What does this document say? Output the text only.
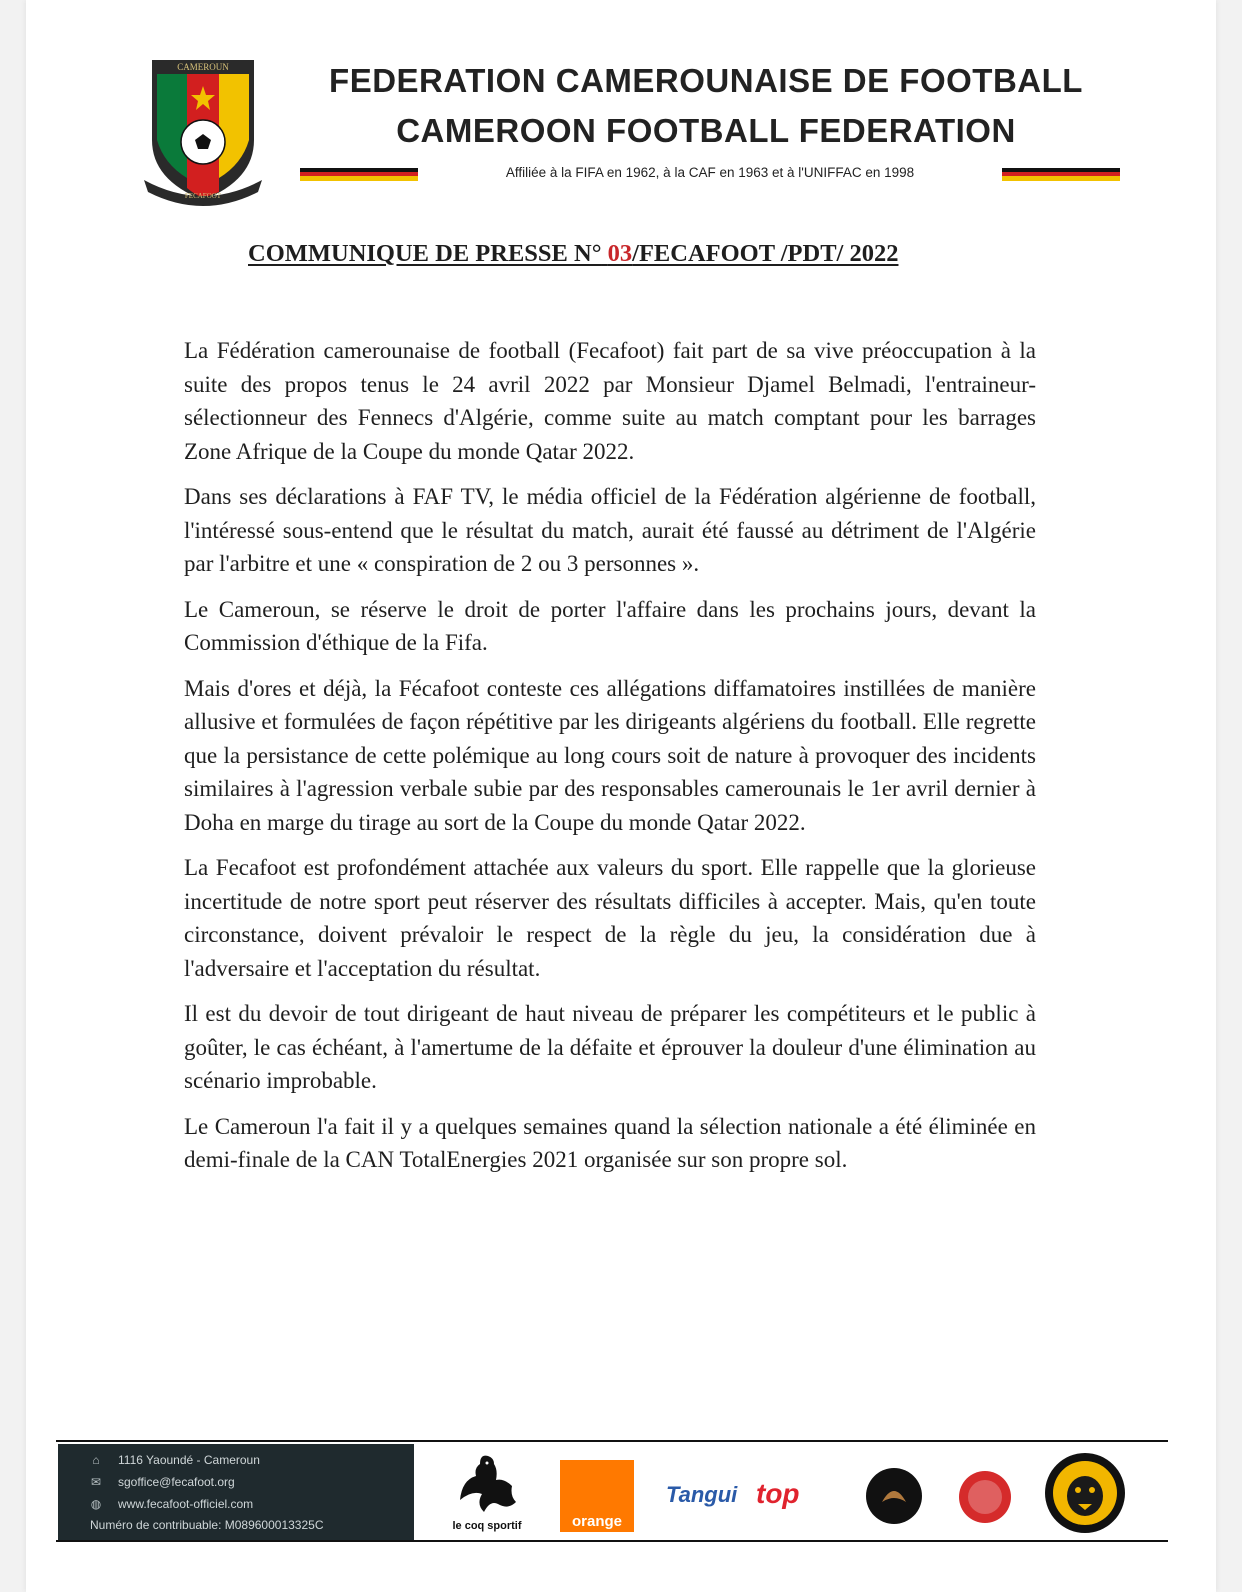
CAMEROUN
FECAFOOT
FEDERATION CAMEROUNAISE DE FOOTBALL
CAMEROON FOOTBALL FEDERATION
Affiliée à la FIFA en 1962, à la CAF en 1963 et à l'UNIFFAC en 1998
COMMUNIQUE DE PRESSE N° 03/FECAFOOT /PDT/ 2022

La Fédération camerounaise de football (Fecafoot) fait part de sa vive préoccupation à la suite des propos tenus le 24 avril 2022 par Monsieur Djamel Belmadi, l'entraineur-sélectionneur des Fennecs d'Algérie, comme suite au match comptant pour les barrages Zone Afrique de la Coupe du monde Qatar 2022.

Dans ses déclarations à FAF TV, le média officiel de la Fédération algérienne de football, l'intéressé sous-entend que le résultat du match, aurait été faussé au détriment de l'Algérie par l'arbitre et une « conspiration de 2 ou 3 personnes ».

Le Cameroun, se réserve le droit de porter l'affaire dans les prochains jours, devant la Commission d'éthique de la Fifa.

Mais d'ores et déjà, la Fécafoot conteste ces allégations diffamatoires instillées de manière allusive et formulées de façon répétitive par les dirigeants algériens du football. Elle regrette que la persistance de cette polémique au long cours soit de nature à provoquer des incidents similaires à l'agression verbale subie par des responsables camerounais le 1er avril dernier à Doha en marge du tirage au sort de la Coupe du monde Qatar 2022.

La Fecafoot est profondément attachée aux valeurs du sport. Elle rappelle que la glorieuse incertitude de notre sport peut réserver des résultats difficiles à accepter. Mais, qu'en toute circonstance, doivent prévaloir le respect de la règle du jeu, la considération due à l'adversaire et l'acceptation du résultat.

Il est du devoir de tout dirigeant de haut niveau de préparer les compétiteurs et le public à goûter, le cas échéant, à l'amertume de la défaite et éprouver la douleur d'une élimination au scénario improbable.

Le Cameroun l'a fait il y a quelques semaines quand la sélection nationale a été éliminée en demi-finale de la CAN TotalEnergies 2021 organisée sur son propre sol.

⌂	1116 Yaoundé - Cameroun
✉ sgoffice@fecafoot.org
◍ www.fecafoot-officiel.com
Numéro de contribuable: M089600013325C	le coq sportif	orange
Tangui top
